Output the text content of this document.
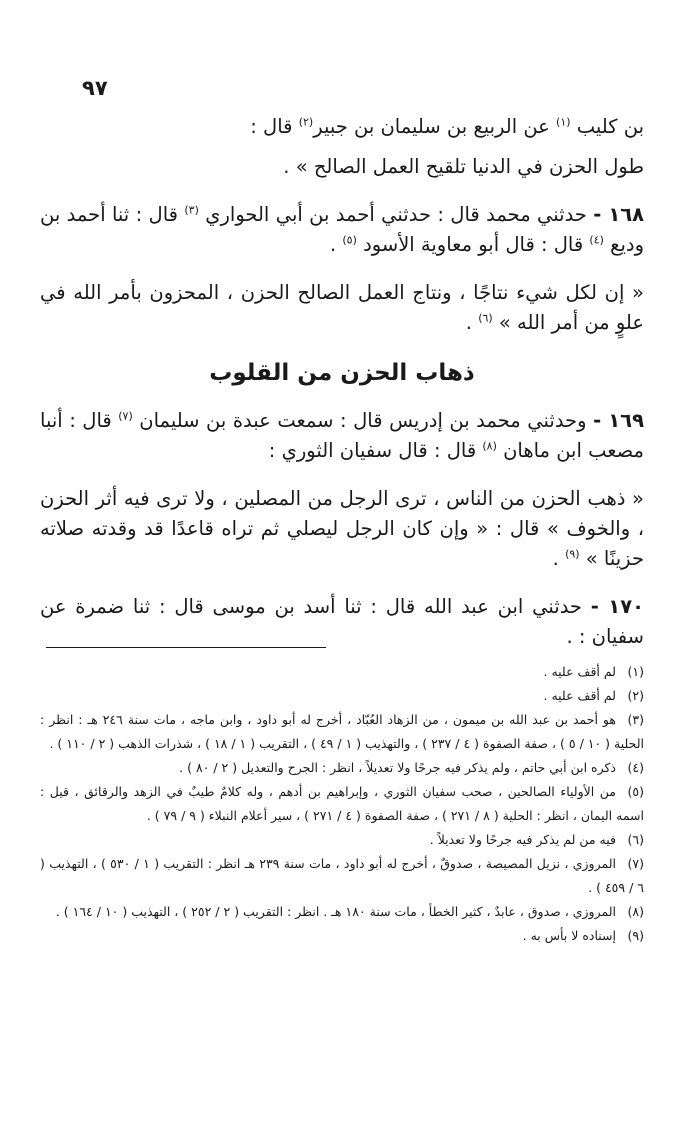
٩٧

بن كليب $^{(١)}$ عن الربيع بن سليمان بن جبير$^{(٢)}$ قال :

طول الحزن في الدنيا تلقيح العمل الصالح » .

١٦٨ - حدثني محمد قال : حدثني أحمد بن أبي الحواري $^{(٣)}$ قال : ثنا أحمد بن وديع $^{(٤)}$ قال : قال أبو معاوية الأسود $^{(٥)}$ .

« إن لكل شيء نتاجًا ، ونتاج العمل الصالح الحزن ، المحزون بأمر الله في علوٍ من أمر الله » $^{(٦)}$ .

ذهاب الحزن من القلوب

١٦٩ - وحدثني محمد بن إدريس قال : سمعت عبدة بن سليمان $^{(٧)}$ قال : أنبا مصعب ابن ماهان $^{(٨)}$ قال : قال سفيان الثوري :

« ذهب الحزن من الناس ، ترى الرجل من المصلين ، ولا ترى فيه أثر الحزن ، والخوف » قال : « وإن كان الرجل ليصلي ثم تراه قاعدًا قد وقدته صلاته حزينًا » $^{(٩)}$ .

١٧٠ - حدثني ابن عبد الله قال : ثنا أسد بن موسى قال : ثنا ضمرة عن سفيان : .

(١)لم أقف عليه .

(٢)لم أقف عليه .

(٣)هو أحمد بن عبد الله بن ميمون ، من الزهاد العُبّاد ، أخرج له أبو داود ، وابن ماجه ، مات سنة ٢٤٦ هـ : انظر : الحلية ( ١٠ / ٥ ) ، صفة الصفوة ( ٤ / ٢٣٧ ) ، والتهذيب ( ١ / ٤٩ ) ، التقريب ( ١ / ١٨ ) ، شذرات الذهب ( ٢ / ١١٠ ) .

(٤)ذكره ابن أبي حاتم ، ولم يذكر فيه جرحًا ولا تعديلاً ، انظر : الجرح والتعديل ( ٢ / ٨٠ ) .

(٥)من الأولياء الصالحين ، صحب سفيان الثوري ، وإبراهيم بن أدهم ، وله كلامٌ طيبٌ في الزهد والرقائق ، قيل : اسمه اليمان ، انظر : الحلية ( ٨ / ٢٧١ ) ، صفة الصفوة ( ٤ / ٢٧١ ) ، سير أعلام النبلاء ( ٩ / ٧٩ ) .

(٦)فيه من لم يذكر فيه جرحًا ولا تعديلاً .

(٧)المروزي ، نزيل المصيصة ، صدوقٌ ، أخرج له أبو داود ، مات سنة ٢٣٩ هـ انظر : التقريب ( ١ / ٥٣٠ ) ، التهذيب ( ٦ / ٤٥٩ ) .

(٨)المروزي ، صدوق ، عابدٌ ، كثير الخطأ ، مات سنة ١٨٠ هـ . انظر : التقريب ( ٢ / ٢٥٢ ) ، التهذيب ( ١٠ / ١٦٤ ) .

(٩)إسناده لا بأس به .
